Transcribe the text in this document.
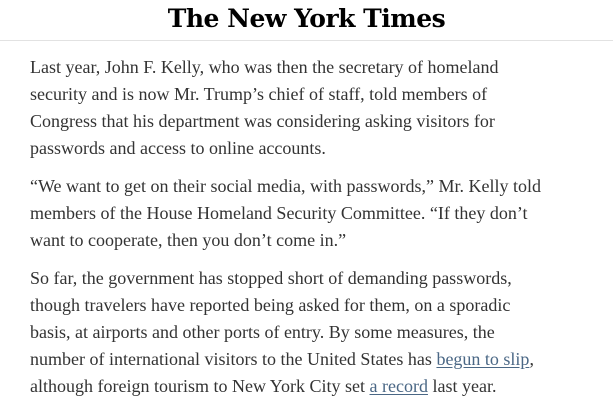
The New York Times

Last year, John F. Kelly, who was then the secretary of homeland
security and is now Mr. Trump’s chief of staff, told members of
Congress that his department was considering asking visitors for
passwords and access to online accounts.

“We want to get on their social media, with passwords,” Mr. Kelly told
members of the House Homeland Security Committee. “If they don’t
want to cooperate, then you don’t come in.”

So far, the government has stopped short of demanding passwords,
though travelers have reported being asked for them, on a sporadic
basis, at airports and other ports of entry. By some measures, the
number of international visitors to the United States has begun to slip,
although foreign tourism to New York City set a record last year.
